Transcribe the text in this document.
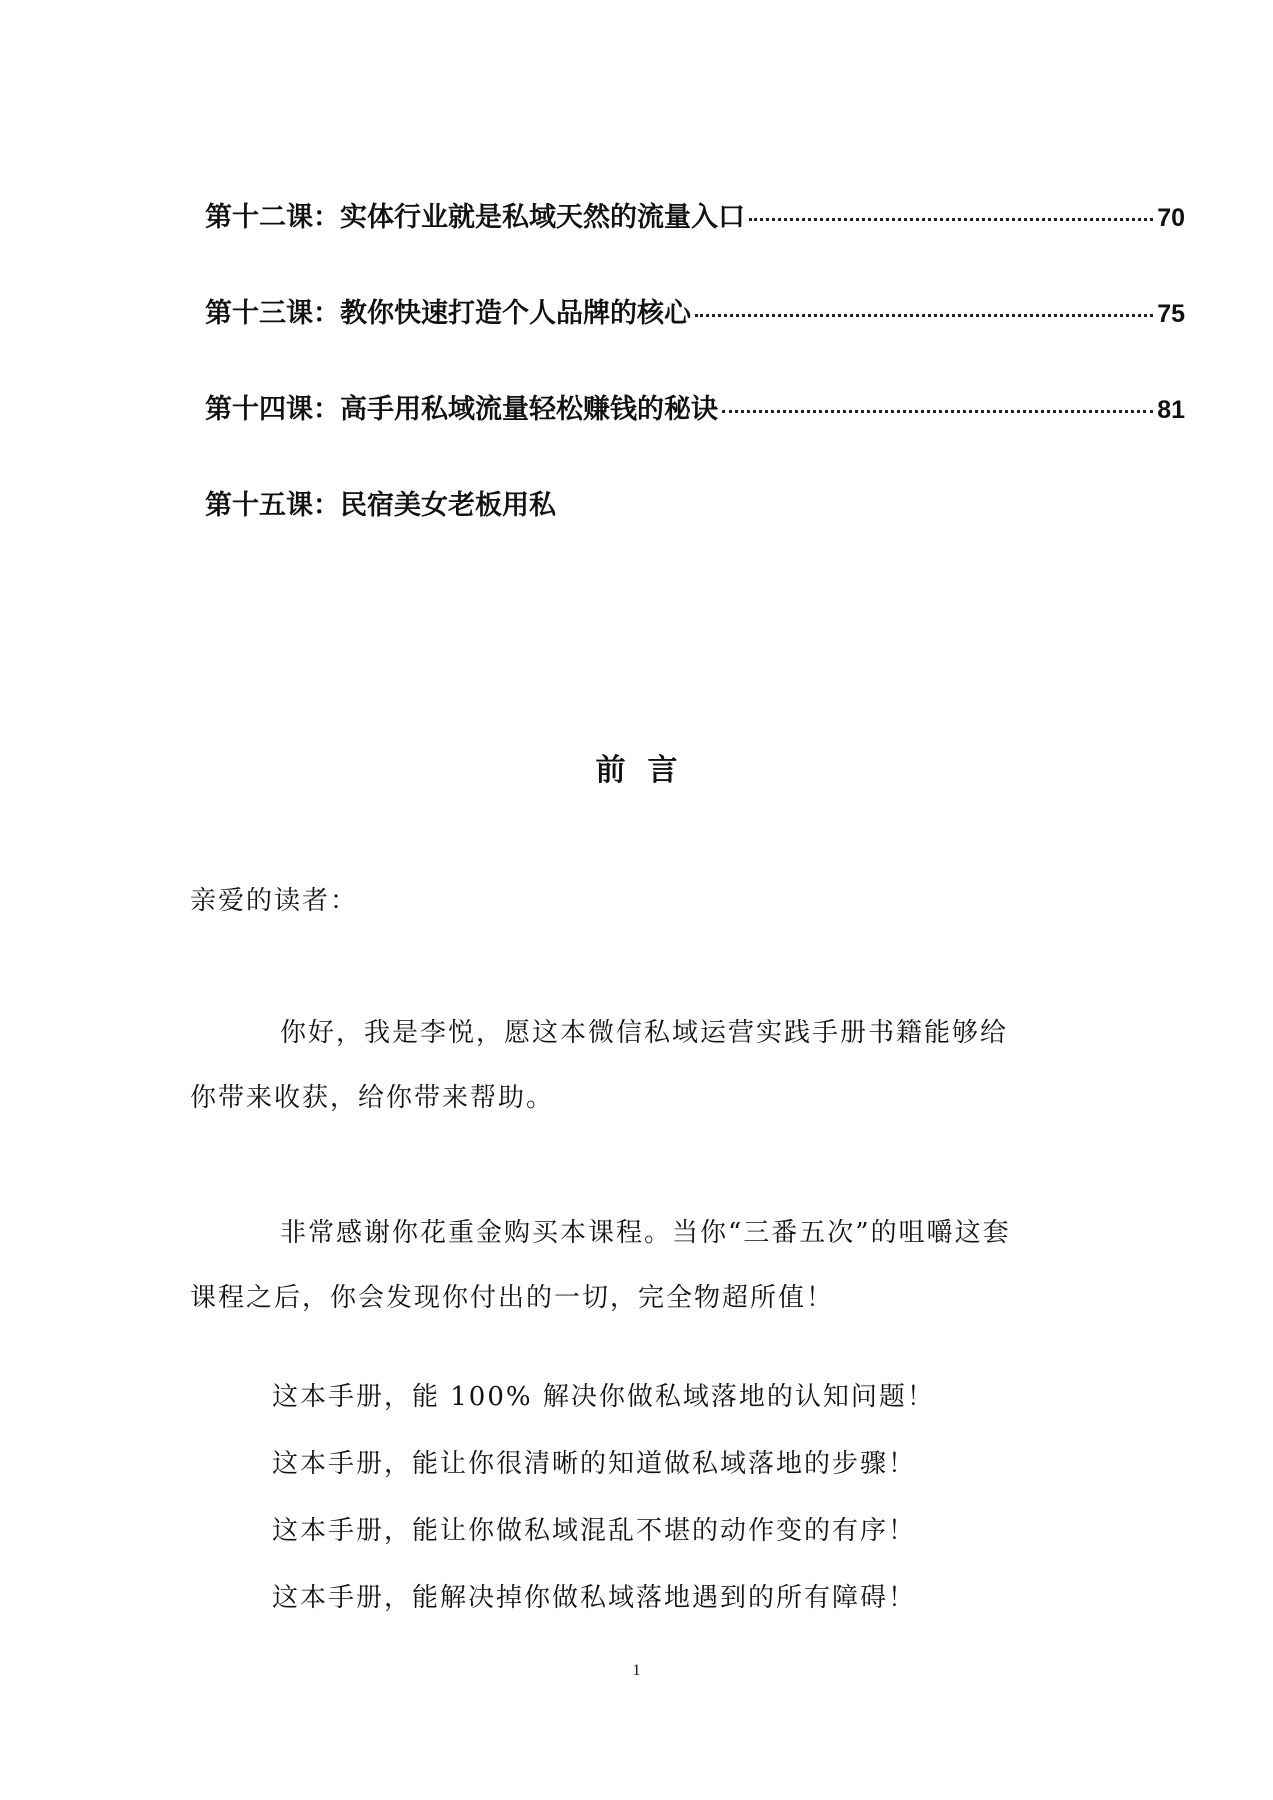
第十二课：实体行业就是私域天然的流量入口	70
第十三课：教你快速打造个人品牌的核心	75
第十四课：高手用私域流量轻松赚钱的秘诀	81
第十五课：民宿美女老板用私
前言
亲爱的读者：
你好，我是李悦，愿这本微信私域运营实践手册书籍能够给
你带来收获，给你带来帮助。
非常感谢你花重金购买本课程。当你“三番五次”的咀嚼这套
课程之后，你会发现你付出的一切，完全物超所值！
这本手册，能 100% 解决你做私域落地的认知问题！
这本手册，能让你很清晰的知道做私域落地的步骤！
这本手册，能让你做私域混乱不堪的动作变的有序！
这本手册，能解决掉你做私域落地遇到的所有障碍！
1
